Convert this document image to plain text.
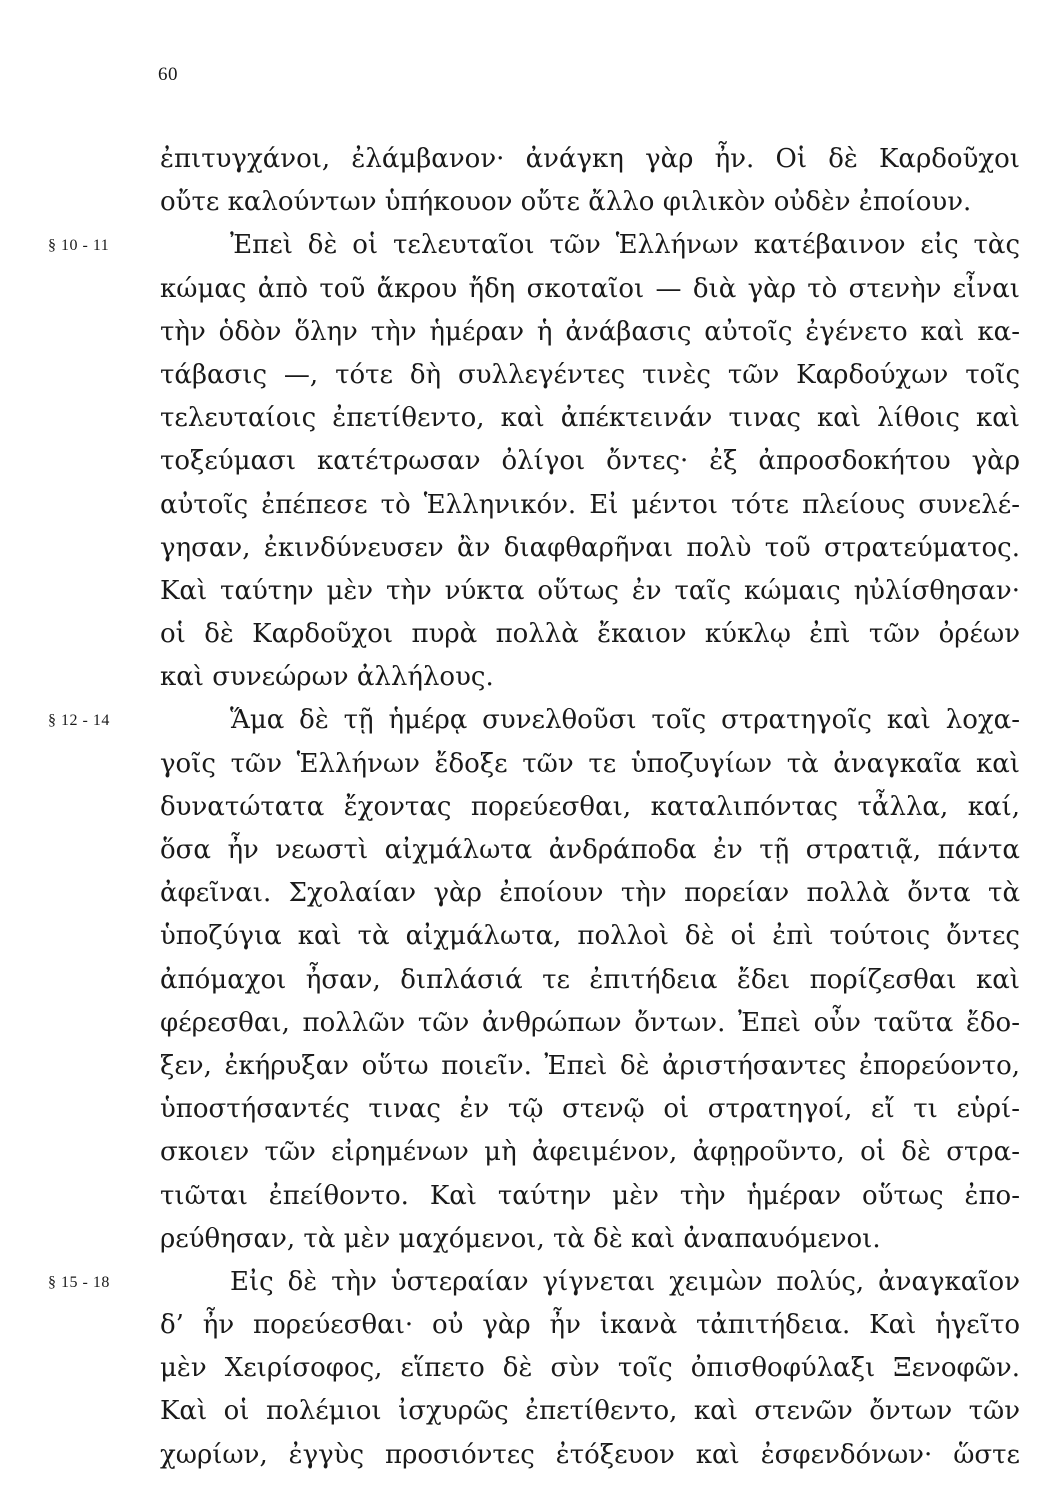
60
ἐπιτυγχάνοι, ἐλάμβανον· ἀνάγκη γὰρ ἦν. Οἱ δὲ Καρδοῦχοι
οὔτε καλούντων ὑπήκουον οὔτε ἄλλο φιλικὸν οὐδὲν ἐποίουν.
Ἐπεὶ δὲ οἱ τελευταῖοι τῶν Ἑλλήνων κατέβαινον εἰς τὰς
§ 10 - 11
κώμας ἀπὸ τοῦ ἄκρου ἤδη σκοταῖοι — διὰ γὰρ τὸ στενὴν εἶναι
τὴν ὁδὸν ὅλην τὴν ἡμέραν ἡ ἀνάβασις αὐτοῖς ἐγένετο καὶ κα-
τάβασις —, τότε δὴ συλλεγέντες τινὲς τῶν Καρδούχων τοῖς
τελευταίοις ἐπετίθεντο, καὶ ἀπέκτεινάν τινας καὶ λίθοις καὶ
τοξεύμασι κατέτρωσαν ὀλίγοι ὄντες· ἐξ ἀπροσδοκήτου γὰρ
αὐτοῖς ἐπέπεσε τὸ Ἑλληνικόν. Εἰ μέντοι τότε πλείους συνελέ-
γησαν, ἐκινδύνευσεν ἂν διαφθαρῆναι πολὺ τοῦ στρατεύματος.
Καὶ ταύτην μὲν τὴν νύκτα οὕτως ἐν ταῖς κώμαις ηὐλίσθησαν·
οἱ δὲ Καρδοῦχοι πυρὰ πολλὰ ἔκαιον κύκλῳ ἐπὶ τῶν ὀρέων
καὶ συνεώρων ἀλλήλους.
Ἅμα δὲ τῇ ἡμέρᾳ συνελθοῦσι τοῖς στρατηγοῖς καὶ λοχα-
§ 12 - 14
γοῖς τῶν Ἑλλήνων ἔδοξε τῶν τε ὑποζυγίων τὰ ἀναγκαῖα καὶ
δυνατώτατα ἔχοντας πορεύεσθαι, καταλιπόντας τἆλλα, καί,
ὅσα ἦν νεωστὶ αἰχμάλωτα ἀνδράποδα ἐν τῇ στρατιᾷ, πάντα
ἀφεῖναι. Σχολαίαν γὰρ ἐποίουν τὴν πορείαν πολλὰ ὄντα τὰ
ὑποζύγια καὶ τὰ αἰχμάλωτα, πολλοὶ δὲ οἱ ἐπὶ τούτοις ὄντες
ἀπόμαχοι ἦσαν, διπλάσιά τε ἐπιτήδεια ἔδει πορίζεσθαι καὶ
φέρεσθαι, πολλῶν τῶν ἀνθρώπων ὄντων. Ἐπεὶ οὖν ταῦτα ἔδο-
ξεν, ἐκήρυξαν οὕτω ποιεῖν. Ἐπεὶ δὲ ἀριστήσαντες ἐπορεύοντο,
ὑποστήσαντές τινας ἐν τῷ στενῷ οἱ στρατηγοί, εἴ τι εὑρί-
σκοιεν τῶν εἰρημένων μὴ ἀφειμένον, ἀφῃροῦντο, οἱ δὲ στρα-
τιῶται ἐπείθοντο. Καὶ ταύτην μὲν τὴν ἡμέραν οὕτως ἐπο-
ρεύθησαν, τὰ μὲν μαχόμενοι, τὰ δὲ καὶ ἀναπαυόμενοι.
Εἰς δὲ τὴν ὑστεραίαν γίγνεται χειμὼν πολύς, ἀναγκαῖον
§ 15 - 18
δ’ ἦν πορεύεσθαι· οὐ γὰρ ἦν ἱκανὰ τἀπιτήδεια. Καὶ ἡγεῖτο
μὲν Χειρίσοφος, εἵπετο δὲ σὺν τοῖς ὀπισθοφύλαξι Ξενοφῶν.
Καὶ οἱ πολέμιοι ἰσχυρῶς ἐπετίθεντο, καὶ στενῶν ὄντων τῶν
χωρίων, ἐγγὺς προσιόντες ἐτόξευον καὶ ἐσφενδόνων· ὥστε
